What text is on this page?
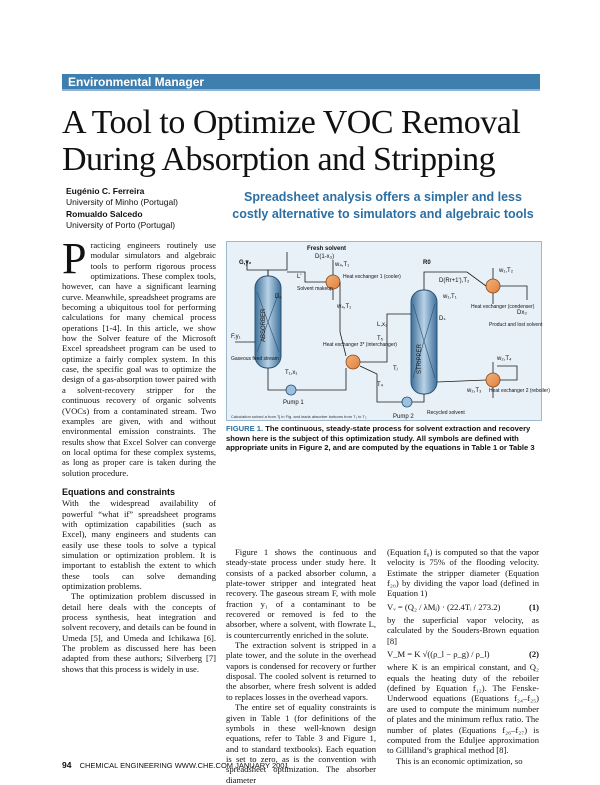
Environmental Manager
A Tool to Optimize VOC Removal
During Absorption and Stripping
Eugénio C. Ferreira
University of Minho (Portugal)
Romualdo Salcedo
University of Porto (Portugal)
Spreadsheet analysis offers a simpler and less
costly alternative to simulators and algebraic tools

Practicing engineers routinely use modular simulators and algebraic tools to perform rigorous process optimizations. These complex tools, however, can have a significant learning curve. Meanwhile, spreadsheet programs are becoming a ubiquitous tool for performing calculations for many chemical process operations [1-4]. In this article, we show how the Solver feature of the Microsoft Excel spreadsheet program can be used to optimize a fairly complex system. In this case, the specific goal was to optimize the design of a gas-absorption tower paired with a solvent-recovery stripper for the continuous recovery of organic solvents (VOCs) from a contaminated stream. Two examples are given, with and without environmental emission constraints. The results show that Excel Solver can converge on local optima for these complex systems, as long as proper care is taken during the solution procedure.

Equations and constraints

With the widespread availability of powerful “what if” spreadsheet programs with optimization capabilities (such as Excel), many engineers and students can easily use these tools to solve a typical simulation or optimization problem. It is important to establish the extent to which these tools can solve demanding optimization problems.

The optimization problem discussed in detail here deals with the concepts of process synthesis, heat integration and solvent recovery, and details can be found in Umeda [5], and Umeda and Ichikawa [6]. The problem as discussed here has been adapted from these authors; Silverberg [7] shows that this process is widely in use.

ABSORBER
STRIPPER
Fresh solvent
D(1-x₃)
w₄,T₁
G,y₂
L'
Solvent makeup
Heat exchanger 1 (cooler)
w₄,T₁
Dₐ
F,y₁
Gaseous feed stream
T₁,x₁
Pump 1
L,x₂
T₅
Heat exchanger 3* (interchanger)
T₄
Tⱼ
R0
D(Rr+1'),T₂
w₁,T₁
w₁,T₂
Heat exchanger (condenser)
Dx₃
Product and lost solvent
Dₛ
w₂,T₄
w₂,T₃ Heat exchanger 2 (reboiler)
Recycled solvent
Pump 2
Calculation solved a from Tj in Fig. and leads absorber bottoms from T₁ to T₂
FIGURE 1. The continuous, steady-state process for solvent extraction and recovery shown here is the subject of this optimization study. All symbols are defined with appropriate units in Figure 2, and are computed by the equations in Table 1 or Table 3

Figure 1 shows the continuous and steady-state process under study here. It consists of a packed absorber column, a plate-tower stripper and integrated heat recovery. The gaseous stream F, with mole fraction y₁ of a contaminant to be recovered or removed is fed to the absorber, where a solvent, with flowrate L, is countercurrently enriched in the solute.

The extraction solvent is stripped in a plate tower, and the solute in the overhead vapors is condensed for recovery or further disposal. The cooled solvent is returned to the absorber, where fresh solvent is added to replaces losses in the overhead vapors.

The entire set of equality constraints is given in Table 1 (for definitions of the symbols in these well-known design equations, refer to Table 3 and Figure 1, and to standard textbooks). Each equation is set to zero, as is the convention with spreadsheet optimization. The absorber diameter

(Equation f₆) is computed so that the vapor velocity is 75% of the flooding velocity. Estimate the stripper diameter (Equation f₂₀) by dividing the vapor load (defined in Equation 1)

Vᵥ = (Q₂ / λMⱼ) · (22.4Tᵢ / 273.2)	(1)

by the superficial vapor velocity, as calculated by the Souders-Brown equation [8]

V_M = K √((ρ_l − ρ_g) / ρ_l)	(2)

where K is an empirical constant, and Q₂ equals the heating duty of the reboiler (defined by Equation f₁₂). The Fenske-Underwood equations (Equations f₂₄–f₂₅) are used to compute the minimum number of plates and the minimum reflux ratio. The number of plates (Equations f₂₆–f₂₇) is computed from the Eduljee approximation to Gilliland’s graphical method [8].

This is an economic optimization, so

94 CHEMICAL ENGINEERING WWW.CHE.COM JANUARY 2001
